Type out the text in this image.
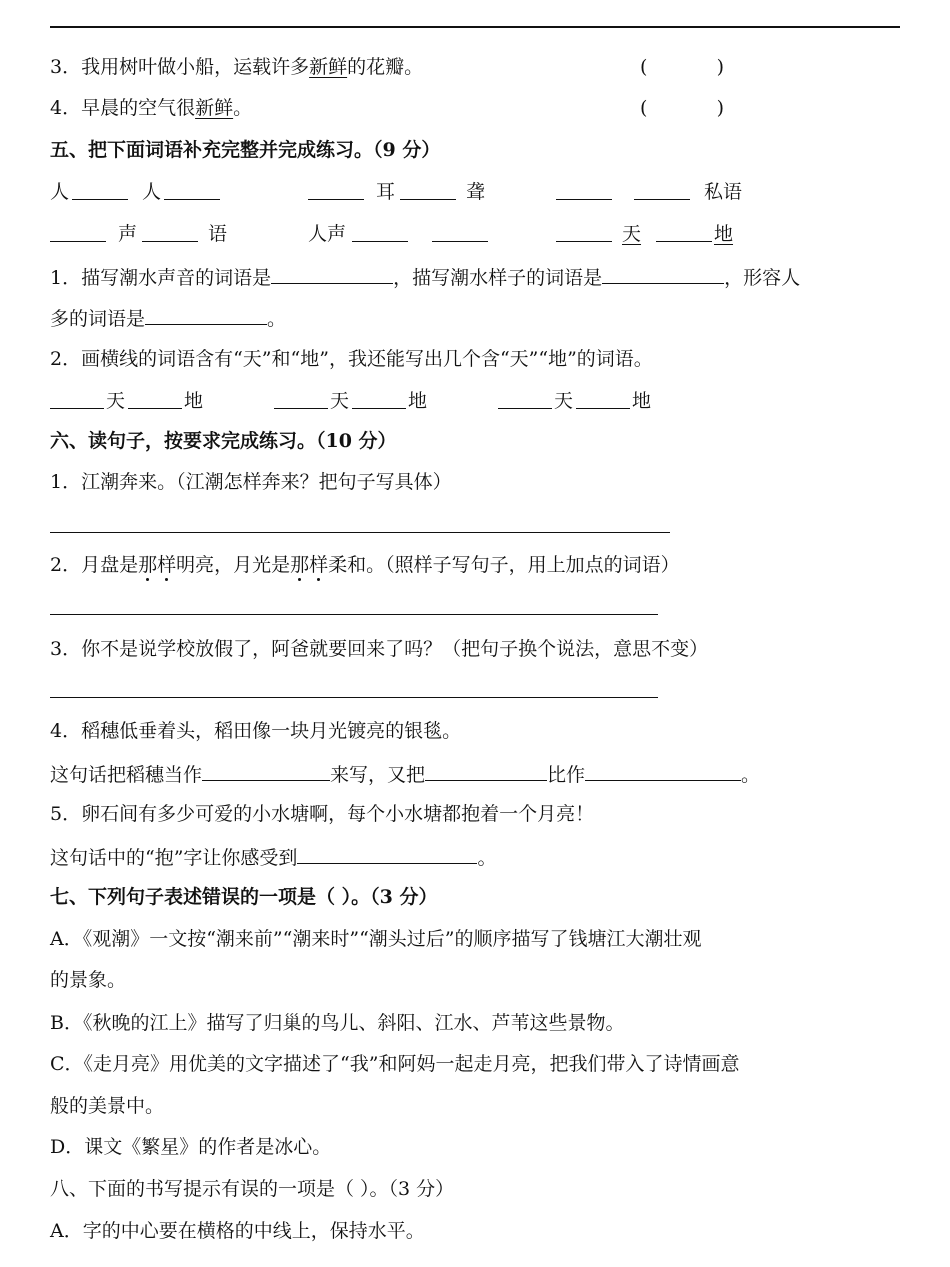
3．我用树叶做小船，运载许多新鲜的花瓣。	(	)
4．早晨的空气很新鲜。	(	)
五、把下面词语补充完整并完成练习。（9 分）
人	人	耳	聋	私语
声	语	人声	天	地
1．描写潮水声音的词语是	，描写潮水样子的词语是	，形容人
多的词语是	。
2．画横线的词语含有“天”和“地”，我还能写出几个含“天”“地”的词语。
天	地	天	地	天	地
六、读句子，按要求完成练习。（10 分）
1．江潮奔来。（江潮怎样奔来？把句子写具体）
2．月盘是那样明亮，月光是那样柔和。（照样子写句子，用上加点的词语）
3．你不是说学校放假了，阿爸就要回来了吗？（把句子换个说法，意思不变）
4．稻穗低垂着头，稻田像一块月光镀亮的银毯。
这句话把稻穗当作	来写，又把	比作	。
5．卵石间有多少可爱的小水塘啊，每个小水塘都抱着一个月亮！
这句话中的“抱”字让你感受到	。
七、下列句子表述错误的一项是（ ）。（3 分）
A．《观潮》一文按“潮来前”“潮来时”“潮头过后”的顺序描写了钱塘江大潮壮观
的景象。
B．《秋晚的江上》描写了归巢的鸟儿、斜阳、江水、芦苇这些景物。
C．《走月亮》用优美的文字描述了“我”和阿妈一起走月亮，把我们带入了诗情画意
般的美景中。
D．课文《繁星》的作者是冰心。
八、下面的书写提示有误的一项是（ ）。（3 分）
A．字的中心要在横格的中线上，保持水平。
